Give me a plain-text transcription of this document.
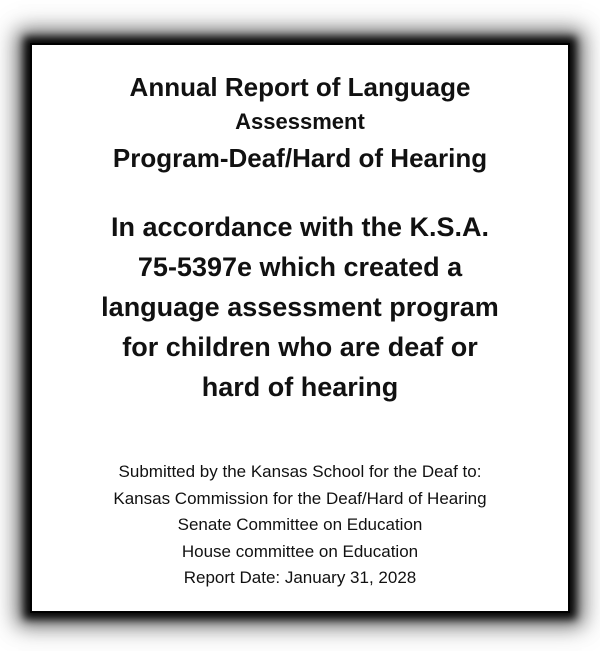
Annual Report of Language
Assessment
Program-Deaf/Hard of Hearing
In accordance with the K.S.A.
75-5397e which created a
language assessment program
for children who are deaf or
hard of hearing
Submitted by the Kansas School for the Deaf to:
Kansas Commission for the Deaf/Hard of Hearing
Senate Committee on Education
House committee on Education
Report Date: January 31, 2028
